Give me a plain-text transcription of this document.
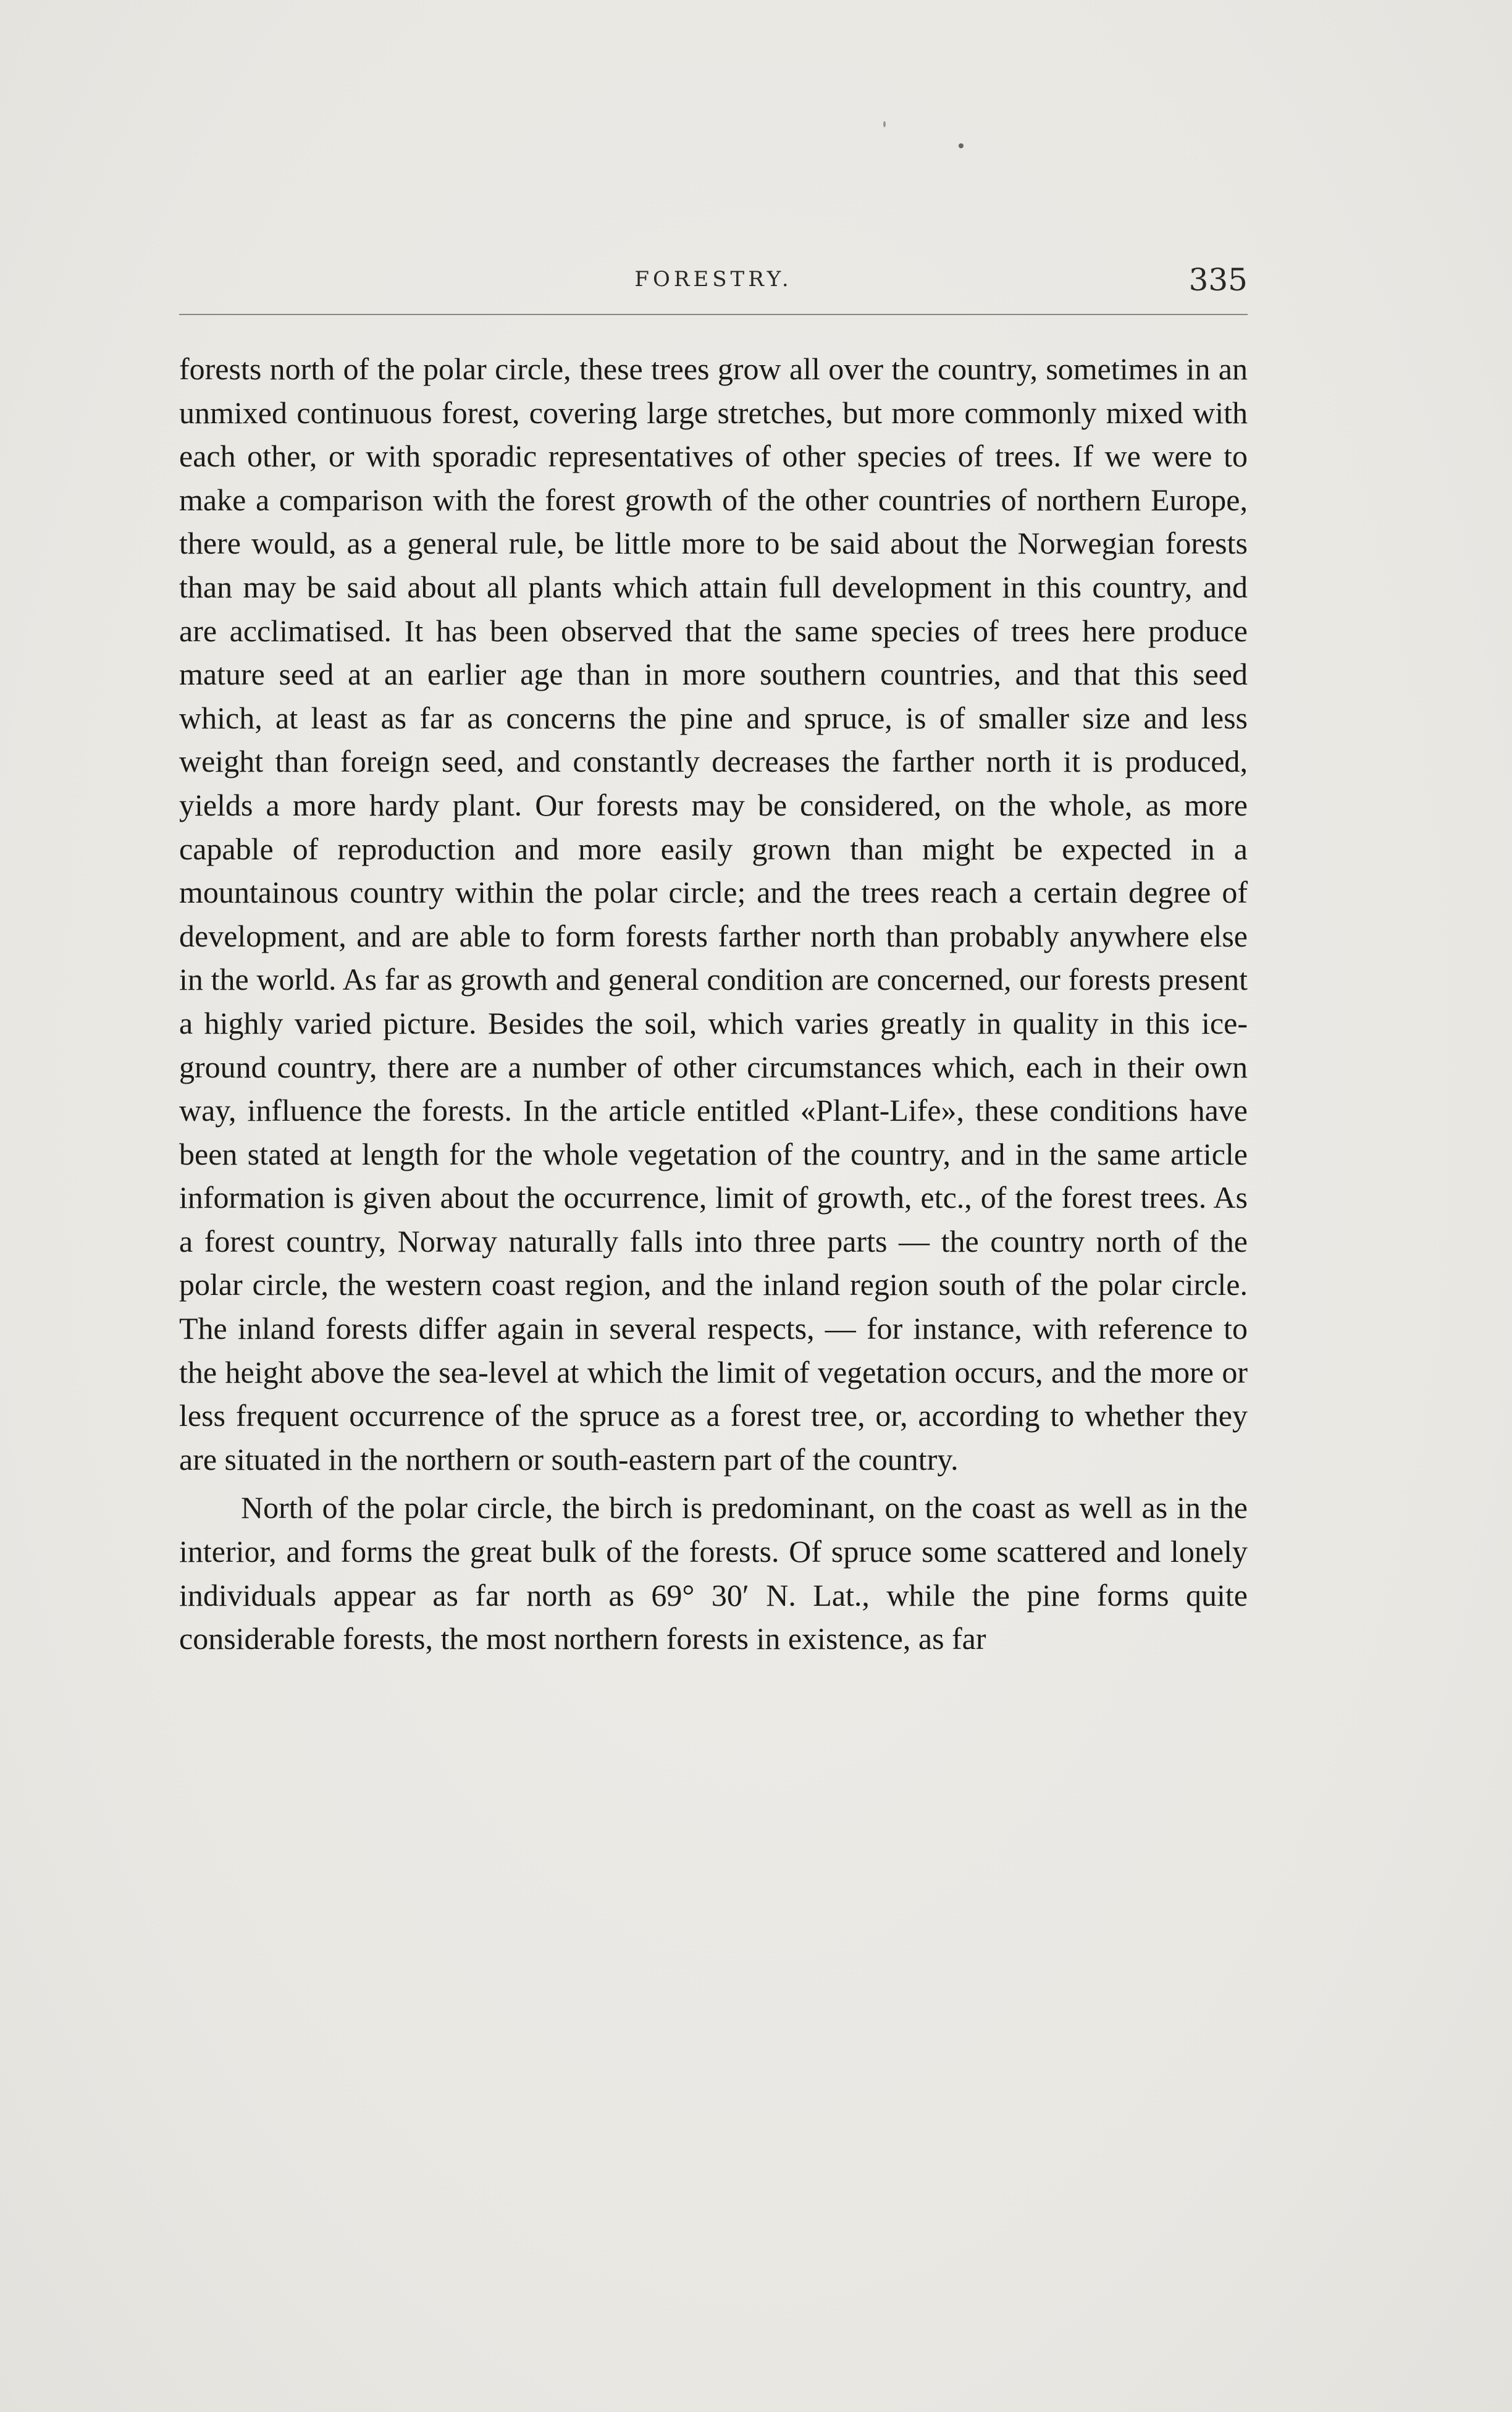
FORESTRY.	335

forests north of the polar circle, these trees grow all over the country, sometimes in an unmixed continuous forest, covering large stretches, but more commonly mixed with each other, or with sporadic representatives of other species of trees. If we were to make a comparison with the forest growth of the other countries of northern Europe, there would, as a general rule, be little more to be said about the Norwegian forests than may be said about all plants which attain full development in this country, and are acclimatised. It has been observed that the same species of trees here produce mature seed at an earlier age than in more southern countries, and that this seed which, at least as far as concerns the pine and spruce, is of smaller size and less weight than foreign seed, and constantly decreases the farther north it is produced, yields a more hardy plant. Our forests may be considered, on the whole, as more capable of reproduction and more easily grown than might be expected in a mountainous country within the polar circle; and the trees reach a certain degree of development, and are able to form forests farther north than probably anywhere else in the world. As far as growth and general condition are concerned, our forests present a highly varied picture. Besides the soil, which varies greatly in quality in this ice-ground country, there are a number of other circumstances which, each in their own way, influence the forests. In the article entitled «Plant-Life», these conditions have been stated at length for the whole vegetation of the country, and in the same article information is given about the occurrence, limit of growth, etc., of the forest trees. As a forest country, Norway naturally falls into three parts — the country north of the polar circle, the western coast region, and the inland region south of the polar circle. The inland forests differ again in several respects, — for instance, with reference to the height above the sea-level at which the limit of vegetation occurs, and the more or less frequent occurrence of the spruce as a forest tree, or, according to whether they are situated in the northern or south-eastern part of the country.

North of the polar circle, the birch is predominant, on the coast as well as in the interior, and forms the great bulk of the forests. Of spruce some scattered and lonely individuals appear as far north as 69° 30′ N. Lat., while the pine forms quite considerable forests, the most northern forests in existence, as far
